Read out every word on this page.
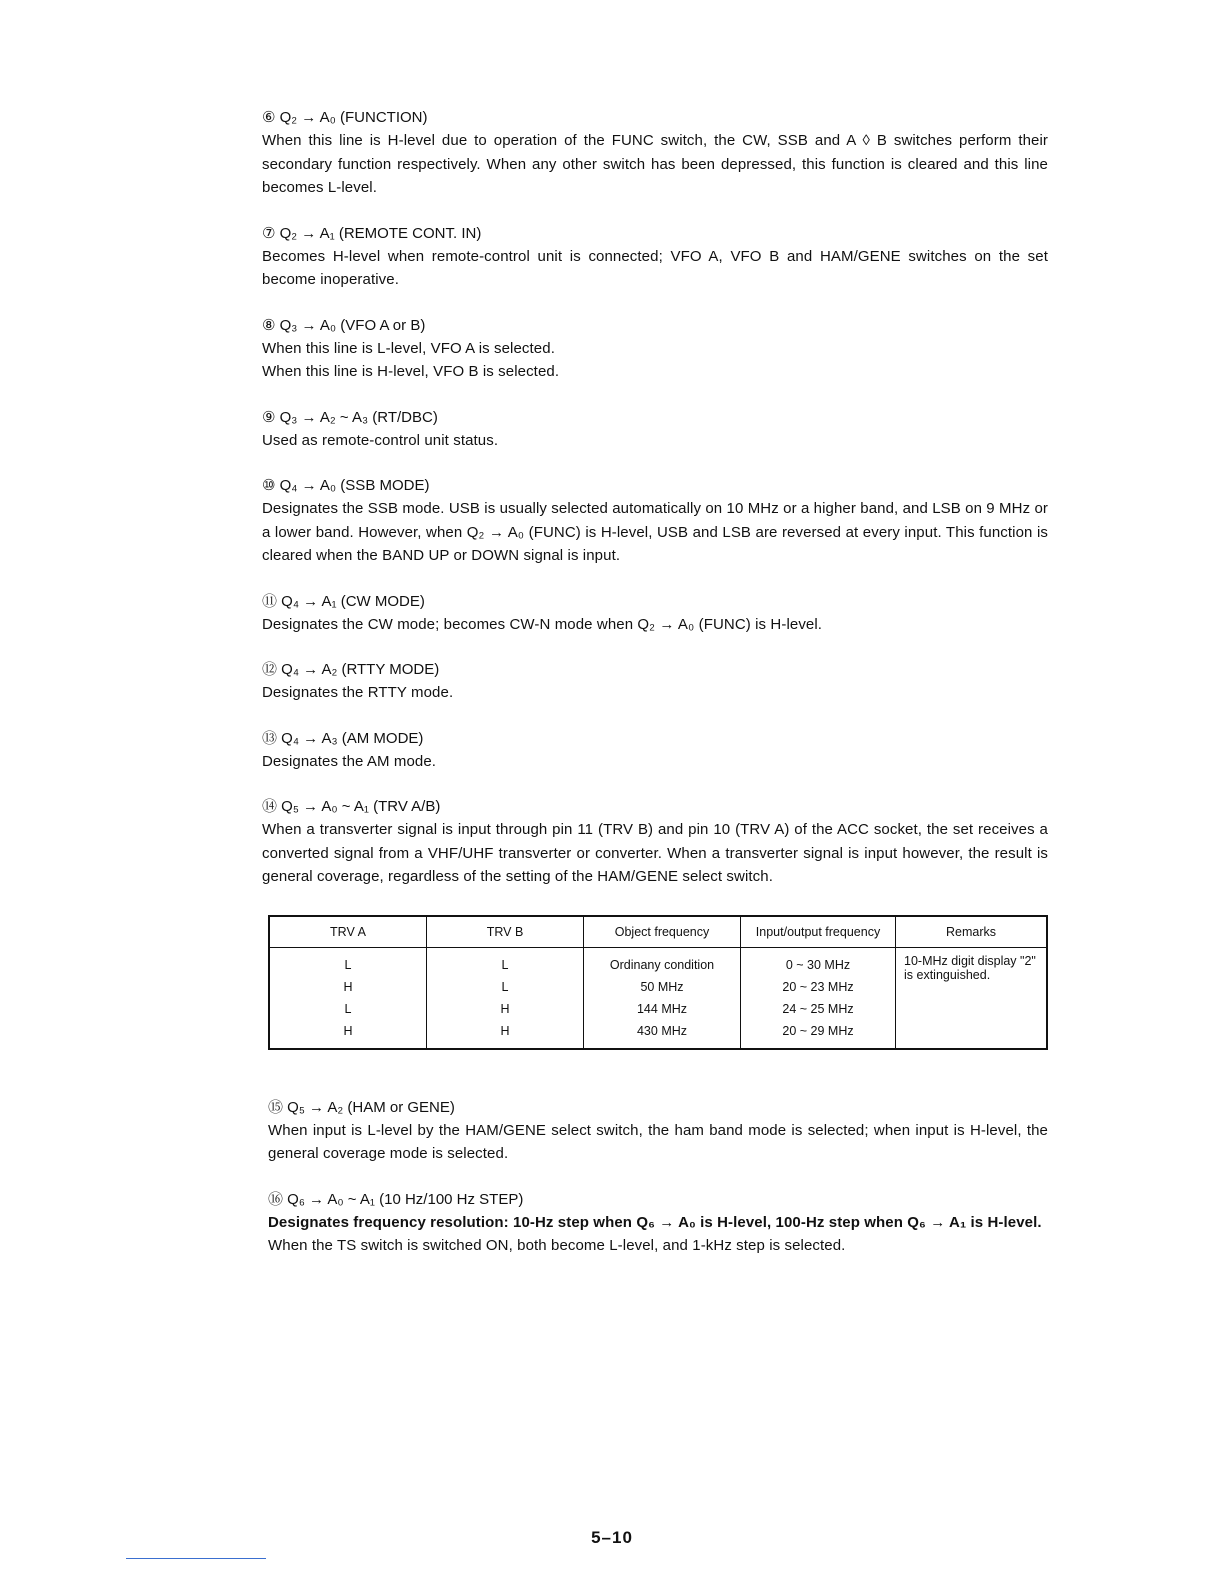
⑥ Q₂ → A₀ (FUNCTION)

When this line is H-level due to operation of the FUNC switch, the CW, SSB and A ◊ B switches perform their secondary function respectively. When any other switch has been depressed, this function is cleared and this line becomes L-level.

⑦ Q₂ → A₁ (REMOTE CONT. IN)

Becomes H-level when remote-control unit is connected; VFO A, VFO B and HAM/GENE switches on the set become inoperative.

⑧ Q₃ → A₀ (VFO A or B)

When this line is L-level, VFO A is selected.

When this line is H-level, VFO B is selected.

⑨ Q₃ → A₂ ~ A₃ (RT/DBC)

Used as remote-control unit status.

⑩ Q₄ → A₀ (SSB MODE)

Designates the SSB mode. USB is usually selected automatically on 10 MHz or a higher band, and LSB on 9 MHz or a lower band. However, when Q₂ → A₀ (FUNC) is H-level, USB and LSB are reversed at every input. This function is cleared when the BAND UP or DOWN signal is input.

⑪ Q₄ → A₁ (CW MODE)

Designates the CW mode; becomes CW-N mode when Q₂ → A₀ (FUNC) is H-level.

⑫ Q₄ → A₂ (RTTY MODE)

Designates the RTTY mode.

⑬ Q₄ → A₃ (AM MODE)

Designates the AM mode.

⑭ Q₅ → A₀ ~ A₁ (TRV A/B)

When a transverter signal is input through pin 11 (TRV B) and pin 10 (TRV A) of the ACC socket, the set receives a converted signal from a VHF/UHF transverter or converter. When a transverter signal is input however, the result is general coverage, regardless of the setting of the HAM/GENE select switch.

TRV A	TRV B	Object frequency	Input/output frequency	Remarks
L	L	Ordinany condition	0 ~ 30 MHz	10-MHz digit display "2" is extinguished.
H	L	50 MHz	20 ~ 23 MHz	
L	H	144 MHz	24 ~ 25 MHz	
H	H	430 MHz	20 ~ 29 MHz	

⑮ Q₅ → A₂ (HAM or GENE)

When input is L-level by the HAM/GENE select switch, the ham band mode is selected; when input is H-level, the general coverage mode is selected.

⑯ Q₆ → A₀ ~ A₁ (10 Hz/100 Hz STEP)

Designates frequency resolution: 10-Hz step when Q₆ → A₀ is H-level, 100-Hz step when Q₆ → A₁ is H-level.

When the TS switch is switched ON, both become L-level, and 1-kHz step is selected.

5–10
